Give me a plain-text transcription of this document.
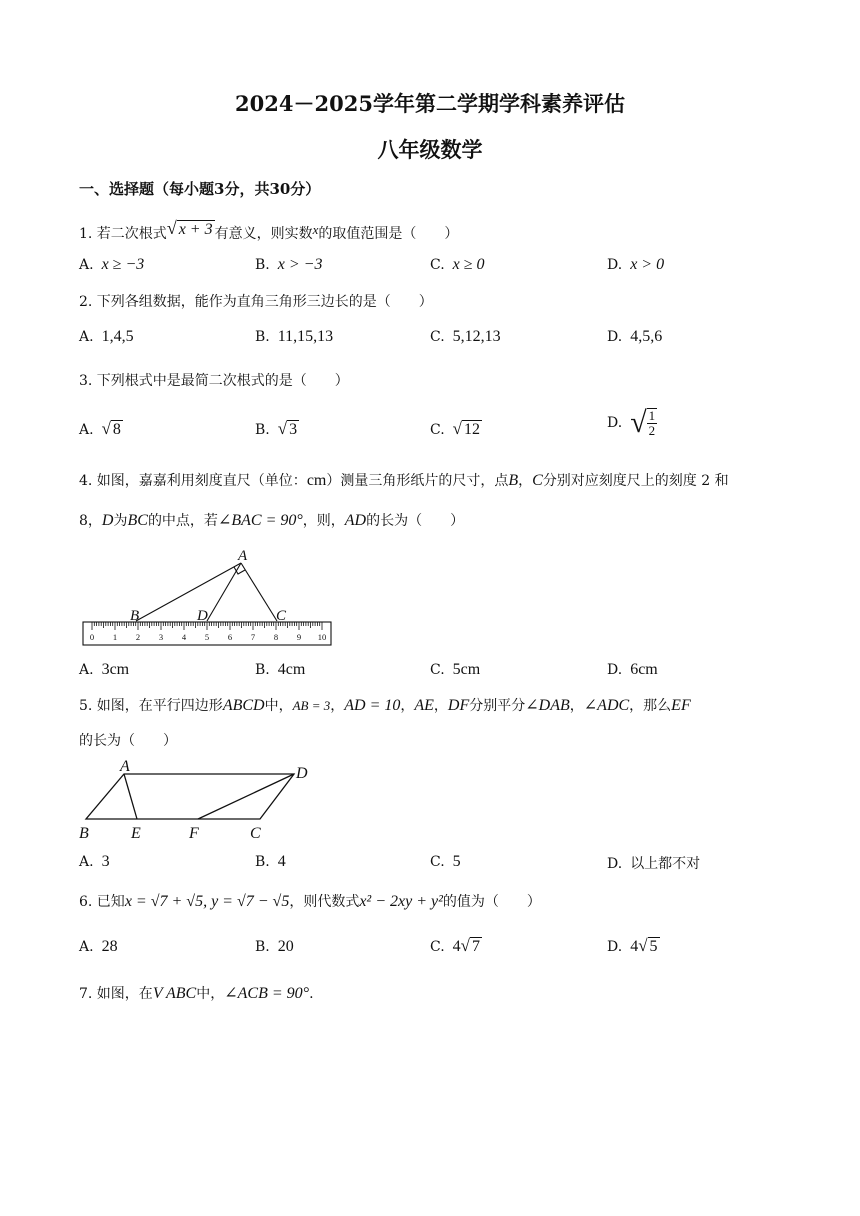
2024－2025学年第二学期学科素养评估
八年级数学
一、选择题（每小题3分，共30分）
1. 若二次根式√ x + 3 有意义，则实数x的取值范围是（　　）
A. x ≥ −3	B. x > −3	C. x ≥ 0	D. x > 0
2. 下列各组数据，能作为直角三角形三边长的是（　　）
A. 1,4,5	B. 11,15,13	C. 5,12,13	D. 4,5,6
3. 下列根式中是最简二次根式的是（　　）
A. √ 8	B. √ 3	C. √ 12	D. √ $\frac{1}{2}$
4. 如图，嘉嘉利用刻度直尺（单位：cm）测量三角形纸片的尺寸，点B，C分别对应刻度尺上的刻度 2 和
8，D为BC的中点，若∠BAC = 90°，则，AD的长为（　　）
0 1 2 3 4 5 6 7 8 9 10
A
B	D	C
A. 3cm	B. 4cm	C. 5cm	D. 6cm
5. 如图，在平行四边形ABCD中，AB = 3，AD = 10，AE，DF分别平分∠DAB，∠ADC，那么EF
的长为（　　）
A	D
B	E	F	C
A. 3	B. 4	C. 5	D. 以上都不对
6. 已知x = √7 + √5, y = √7 − √5，则代数式x² − 2xy + y²的值为（　　）
A. 28	B. 20	C. 4√ 7	D. 4√ 5
7. 如图，在V ABC中，∠ACB = 90°.
